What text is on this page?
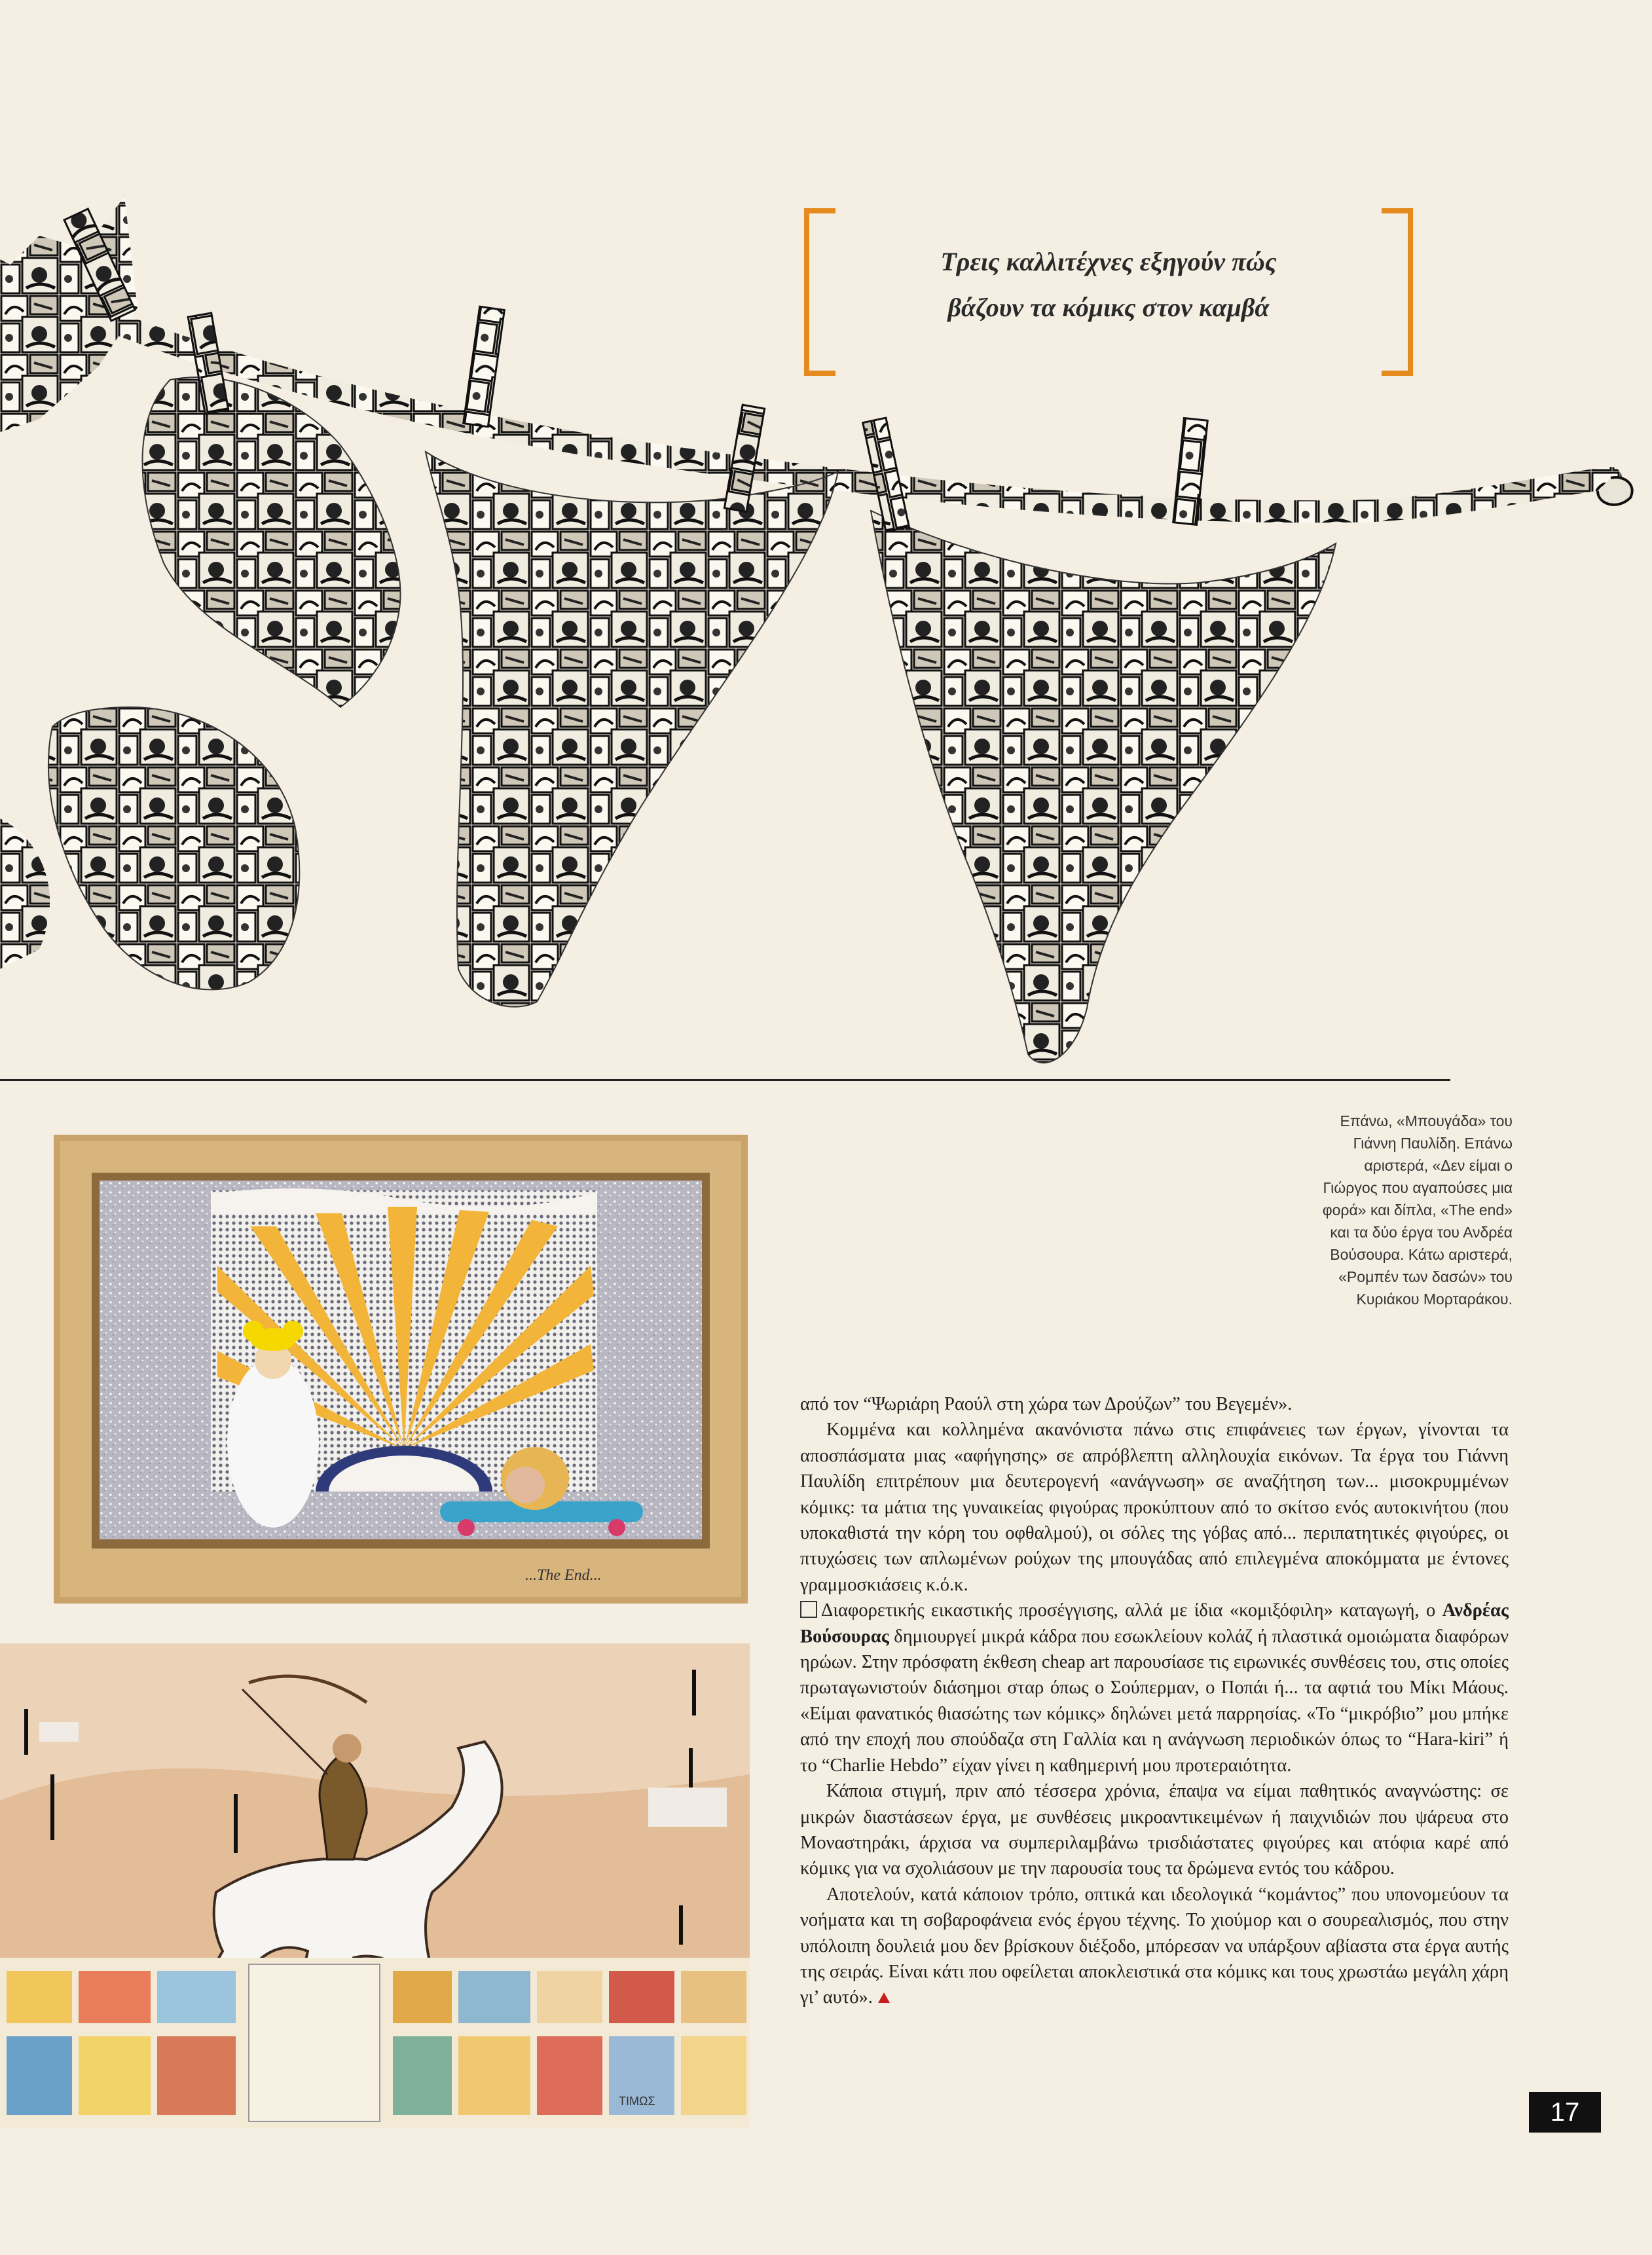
Τρεις καλλιτέχνες εξηγούν πώς
βάζουν τα κόμικς στον καμβά
Επάνω, «Μπουγάδα» του
Γιάννη Παυλίδη. Επάνω
αριστερά, «Δεν είμαι ο
Γιώργος που αγαπούσες μια
φορά» και δίπλα, «The end»
και τα δύο έργα του Ανδρέα
Βούσουρα. Κάτω αριστερά,
«Ρομπέν των δασών» του
Κυριάκου Μορταράκου.
...The End...
ΤΙΜΩΣ

από τον “Ψωριάρη Ραούλ στη χώρα των Δρούζων” του Βεγεμέν».

Κομμένα και κολλημένα ακανόνιστα πάνω στις επιφάνειες των έργων, γίνονται τα αποσπάσματα μιας «αφήγησης» σε απρόβλεπτη αλληλουχία εικόνων. Τα έργα του Γιάννη Παυλίδη επιτρέπουν μια δευτερογενή «ανάγνωση» σε αναζήτηση των... μισοκρυμμένων κόμικς: τα μάτια της γυναικείας φιγούρας προκύπτουν από το σκίτσο ενός αυτοκινήτου (που υποκαθιστά την κόρη του οφθαλμού), οι σόλες της γόβας από... περιπατητικές φιγούρες, οι πτυχώσεις των απλωμένων ρούχων της μπουγάδας από επιλεγμένα αποκόμματα με έντονες γραμμοσκιάσεις κ.ό.κ.

Διαφορετικής εικαστικής προσέγγισης, αλλά με ίδια «κομιξόφιλη» καταγωγή, ο Ανδρέας Βούσουρας δημιουργεί μικρά κάδρα που εσωκλείουν κολάζ ή πλαστικά ομοιώματα διαφόρων ηρώων. Στην πρόσφατη έκθεση cheap art παρουσίασε τις ειρωνικές συνθέσεις του, στις οποίες πρωταγωνιστούν διάσημοι σταρ όπως ο Σούπερμαν, ο Ποπάι ή... τα αφτιά του Μίκι Μάους. «Είμαι φανατικός θιασώτης των κόμικς» δηλώνει μετά παρρησίας. «Το “μικρόβιο” μου μπήκε από την εποχή που σπούδαζα στη Γαλλία και η ανάγνωση περιοδικών όπως το “Hara-kiri” ή το “Charlie Hebdo” είχαν γίνει η καθημερινή μου προτεραιότητα.

Κάποια στιγμή, πριν από τέσσερα χρόνια, έπαψα να είμαι παθητικός αναγνώστης: σε μικρών διαστάσεων έργα, με συνθέσεις μικροαντικειμένων ή παιχνιδιών που ψάρευα στο Μοναστηράκι, άρχισα να συμπεριλαμβάνω τρισδιάστατες φιγούρες και ατόφια καρέ από κόμικς για να σχολιάσουν με την παρουσία τους τα δρώμενα εντός του κάδρου.

Αποτελούν, κατά κάποιον τρόπο, οπτικά και ιδεολογικά “κομάντος” που υπονομεύουν τα νοήματα και τη σοβαροφάνεια ενός έργου τέχνης. Το χιούμορ και ο σουρεαλισμός, που στην υπόλοιπη δουλειά μου δεν βρίσκουν διέξοδο, μπόρεσαν να υπάρξουν αβίαστα στα έργα αυτής της σειράς. Είναι κάτι που οφείλεται αποκλειστικά στα κόμικς και τους χρωστάω μεγάλη χάρη γι’ αυτό».

17
